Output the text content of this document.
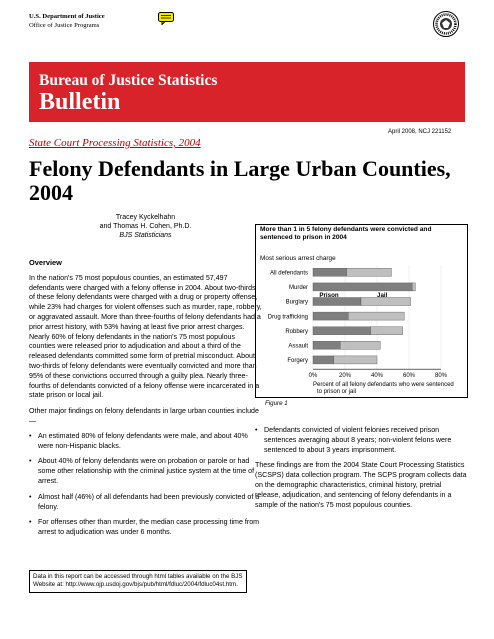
U.S. Department of Justice
Office of Justice Programs
Bureau of Justice Statistics
Bulletin
April 2008, NCJ 221152
State Court Processing Statistics, 2004
Felony Defendants in Large Urban Counties, 2004
Tracey Kyckelhahn
and Thomas H. Cohen, Ph.D.
BJS Statisticians
Overview

In the nation's 75 most populous counties, an estimated 57,497 defendants were charged with a felony offense in 2004. About two-thirds of these felony defendants were charged with a drug or property offense, while 23% had charges for violent offenses such as murder, rape, robbery, or aggravated assault. More than three-fourths of felony defendants had a prior arrest history, with 53% having at least five prior arrest charges. Nearly 60% of felony defendants in the nation's 75 most populous counties were released prior to adjudication and about a third of the released defendants committed some form of pretrial misconduct. About two-thirds of felony defendants were eventually convicted and more than 95% of these convictions occurred through a guilty plea. Nearly three-fourths of defendants convicted of a felony offense were incarcerated in a state prison or local jail.

Other major findings on felony defendants in large urban counties include —

• An estimated 80% of felony defendants were male, and about 40% were non-Hispanic blacks.
• About 40% of felony defendants were on probation or parole or had some other relationship with the criminal justice system at the time of arrest.
• Almost half (46%) of all defendants had been previously convicted of a felony.
• For offenses other than murder, the median case processing time from arrest to adjudication was under 6 months.
Data in this report can be accessed through html tables available on the BJS Website at: http://www.ojp.usdoj.gov/bjs/pub/html/fdluc/2004/fdluc04st.htm.
More than 1 in 5 felony defendants were convicted and sentenced to prison in 2004
Most serious arrest charge
All defendants
Murder
Burglary
Drug trafficking
Robbery
Assault
Forgery
Prison	Jail
0%	20%	40%	60%	80%
Percent of all felony defendants who were sentenced
to prison or jail
Figure 1
• Defendants convicted of violent felonies received prison sentences averaging about 8 years; non-violent felons were sentenced to about 3 years imprisonment.

These findings are from the 2004 State Court Processing Statistics (SCSPS) data collection program. The SCPS program collects data on the demographic characteristics, criminal history, pretrial release, adjudication, and sentencing of felony defendants in a sample of the nation's 75 most populous counties.
